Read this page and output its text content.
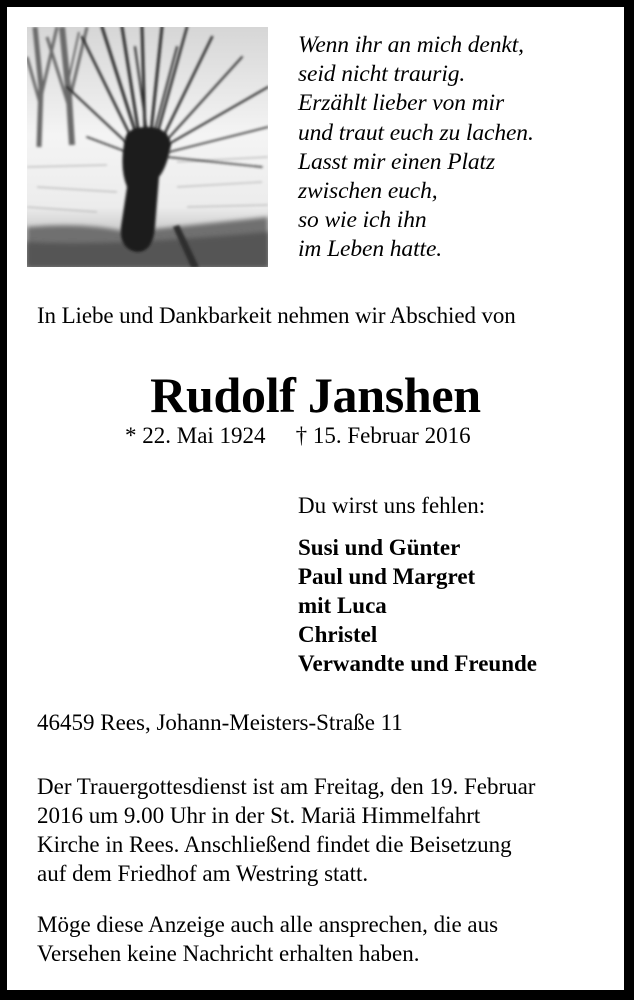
Wenn ihr an mich denkt,
seid nicht traurig.
Erzählt lieber von mir
und traut euch zu lachen.
Lasst mir einen Platz
zwischen euch,
so wie ich ihn
im Leben hatte.
In Liebe und Dankbarkeit nehmen wir Abschied von
Rudolf Janshen
* 22. Mai 1924 † 15. Februar 2016
Du wirst uns fehlen:
Susi und Günter
Paul und Margret
mit Luca
Christel
Verwandte und Freunde
46459 Rees, Johann-Meisters-Straße 11
Der Trauergottesdienst ist am Freitag, den 19. Februar
2016 um 9.00 Uhr in der St. Mariä Himmelfahrt
Kirche in Rees. Anschließend findet die Beisetzung
auf dem Friedhof am Westring statt.
Möge diese Anzeige auch alle ansprechen, die aus
Versehen keine Nachricht erhalten haben.
